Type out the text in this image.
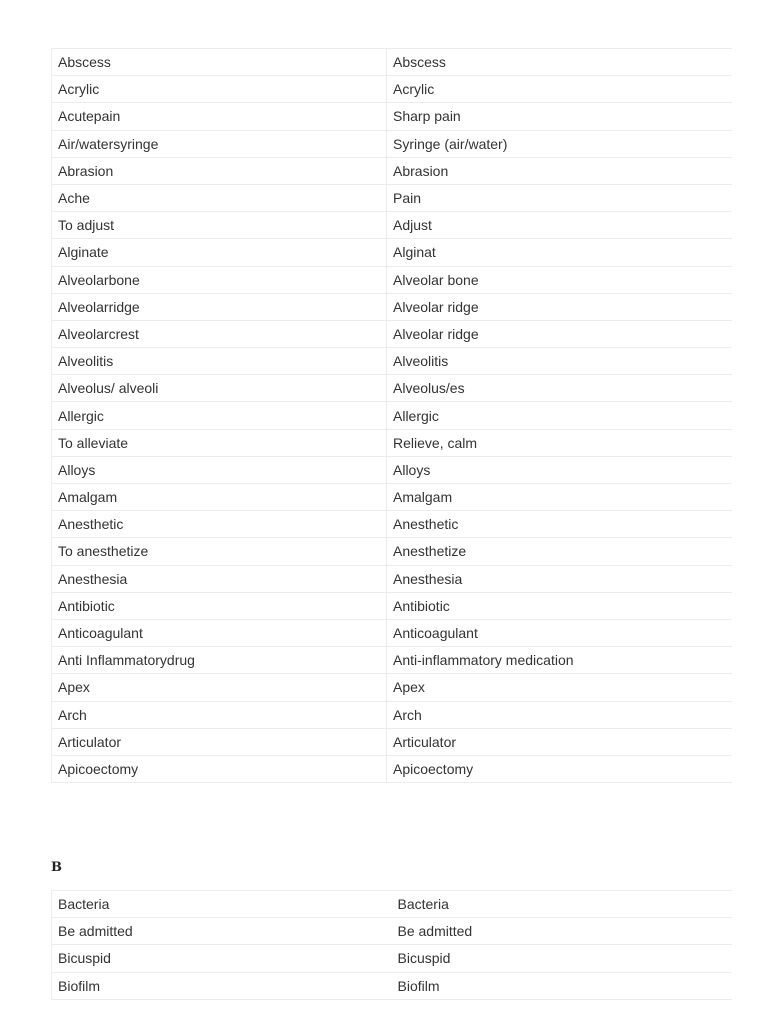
Abscess	Abscess
Acrylic	Acrylic
Acutepain	Sharp pain
Air/watersyringe	Syringe (air/water)
Abrasion	Abrasion
Ache	Pain
To adjust	Adjust
Alginate	Alginat
Alveolarbone	Alveolar bone
Alveolarridge	Alveolar ridge
Alveolarcrest	Alveolar ridge
Alveolitis	Alveolitis
Alveolus/ alveoli	Alveolus/es
Allergic	Allergic
To alleviate	Relieve, calm
Alloys	Alloys
Amalgam	Amalgam
Anesthetic	Anesthetic
To anesthetize	Anesthetize
Anesthesia	Anesthesia
Antibiotic	Antibiotic
Anticoagulant	Anticoagulant
Anti Inflammatorydrug	Anti-inflammatory medication
Apex	Apex
Arch	Arch
Articulator	Articulator
Apicoectomy	Apicoectomy
B
Bacteria	Bacteria
Be admitted	Be admitted
Bicuspid	Bicuspid
Biofilm	Biofilm
